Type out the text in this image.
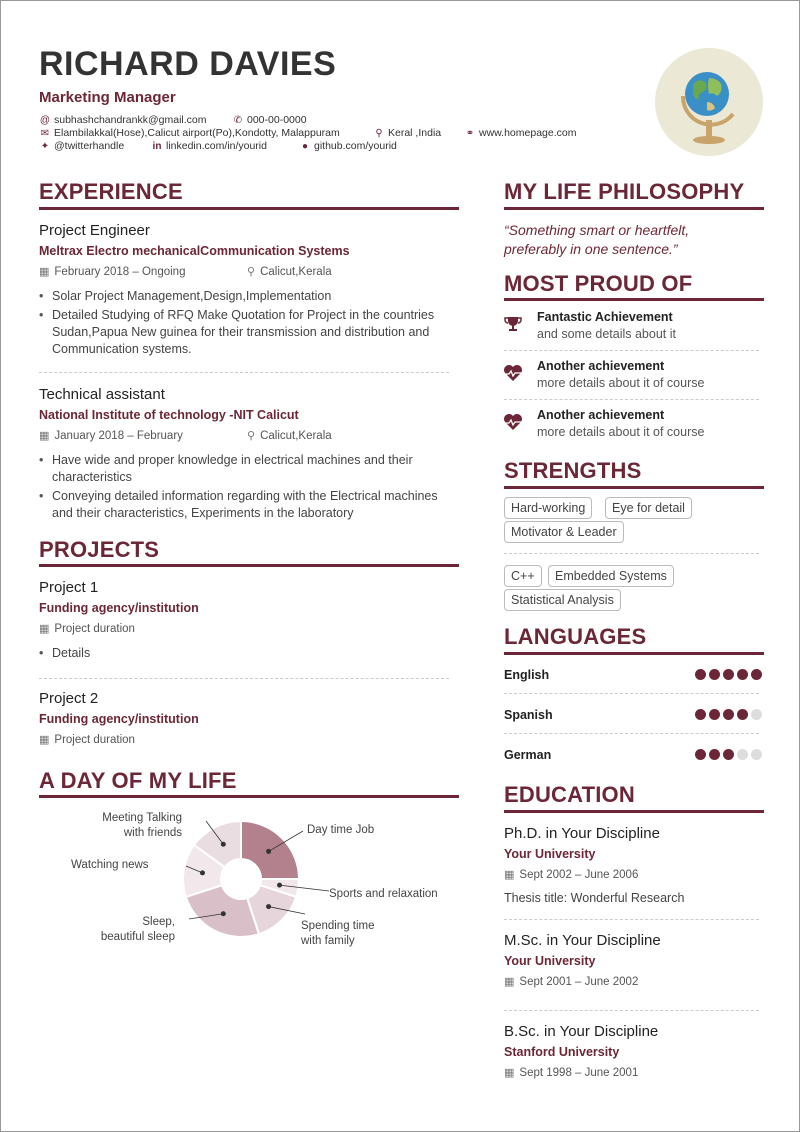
RICHARD DAVIES
Marketing Manager
@ subhashchandrankk@gmail.com	✆ 000-00-0000
✉ Elambilakkal(Hose),Calicut airport(Po),Kondotty, Malappuram	⚲ Keral ,India ⚭ www.homepage.com
✦ @twitterhandle	in linkedin.com/in/yourid	● github.com/yourid
EXPERIENCE
Project Engineer
Meltrax Electro mechanicalCommunication Systems
▦ February 2018 – Ongoing	⚲ Calicut,Kerala
• Solar Project Management,Design,Implementation
• Detailed Studying of RFQ Make Quotation for Project in the countries Sudan,Papua New guinea for their transmission and distribution and Communication systems.
Technical assistant
National Institute of technology -NIT Calicut
▦ January 2018 – February	⚲ Calicut,Kerala
• Have wide and proper knowledge in electrical machines and their characteristics
• Conveying detailed information regarding with the Electrical machines and their characteristics, Experiments in the laboratory
PROJECTS
Project 1
Funding agency/institution
▦ Project duration
• Details
Project 2
Funding agency/institution
▦ Project duration
A DAY OF MY LIFE
Day time Job
Sports and relaxation
Spending time
with family
Sleep,
beautiful sleep
Watching news
Meeting Talking
with friends
MY LIFE PHILOSOPHY
“Something smart or heartfelt, preferably in one sentence.”
MOST PROUD OF
Fantastic Achievement
and some details about it
Another achievement
more details about it of course
Another achievement
more details about it of course
STRENGTHS
Hard-working	Eye for detail
Motivator & Leader
C++	Embedded Systems
Statistical Analysis
LANGUAGES
English
Spanish
German
EDUCATION
Ph.D. in Your Discipline
Your University
▦ Sept 2002 – June 2006
Thesis title: Wonderful Research
M.Sc. in Your Discipline
Your University
▦ Sept 2001 – June 2002
B.Sc. in Your Discipline
Stanford University
▦ Sept 1998 – June 2001
